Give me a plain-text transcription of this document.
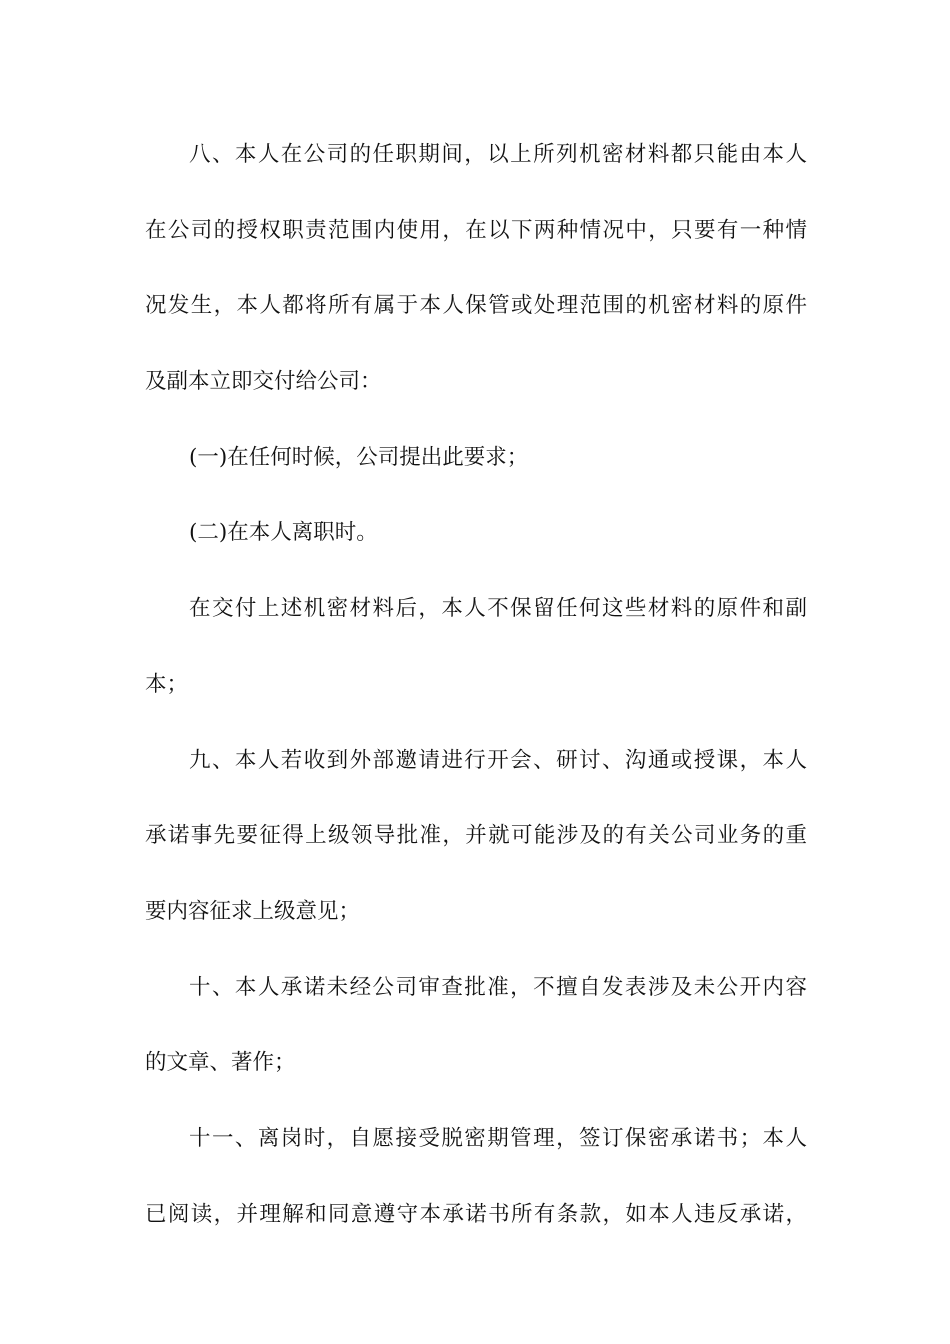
八、本人在公司的任职期间，以上所列机密材料都只能由本人
在公司的授权职责范围内使用，在以下两种情况中，只要有一种情
况发生，本人都将所有属于本人保管或处理范围的机密材料的原件
及副本立即交付给公司：
(一)在任何时候，公司提出此要求；
(二)在本人离职时。
在交付上述机密材料后，本人不保留任何这些材料的原件和副
本；
九、本人若收到外部邀请进行开会、研讨、沟通或授课，本人
承诺事先要征得上级领导批准，并就可能涉及的有关公司业务的重
要内容征求上级意见；
十、本人承诺未经公司审查批准，不擅自发表涉及未公开内容
的文章、著作；
十一、离岗时，自愿接受脱密期管理，签订保密承诺书；本人
已阅读，并理解和同意遵守本承诺书所有条款，如本人违反承诺，
